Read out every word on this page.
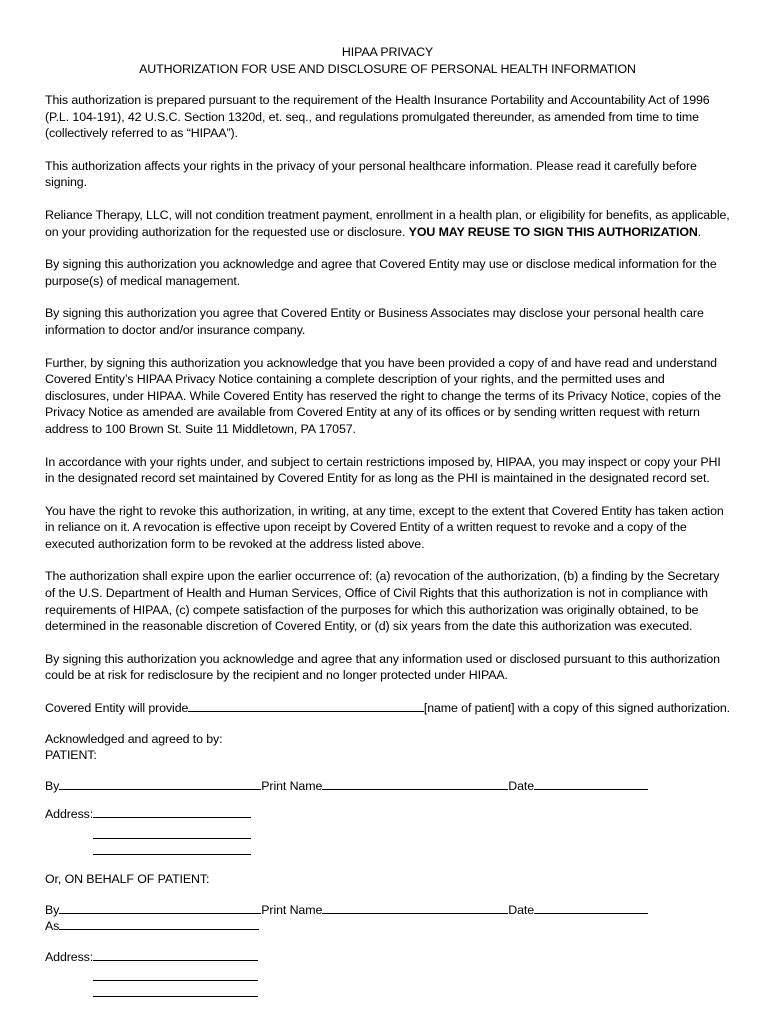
HIPAA PRIVACY
AUTHORIZATION FOR USE AND DISCLOSURE OF PERSONAL HEALTH INFORMATION

This authorization is prepared pursuant to the requirement of the Health Insurance Portability and Accountability Act of 1996 (P.L. 104-191), 42 U.S.C. Section 1320d, et. seq., and regulations promulgated thereunder, as amended from time to time (collectively referred to as “HIPAA”).

This authorization affects your rights in the privacy of your personal healthcare information. Please read it carefully before signing.

Reliance Therapy, LLC, will not condition treatment payment, enrollment in a health plan, or eligibility for benefits, as applicable, on your providing authorization for the requested use or disclosure. YOU MAY REUSE TO SIGN THIS AUTHORIZATION.

By signing this authorization you acknowledge and agree that Covered Entity may use or disclose medical information for the purpose(s) of medical management.

By signing this authorization you agree that Covered Entity or Business Associates may disclose your personal health care information to doctor and/or insurance company.

Further, by signing this authorization you acknowledge that you have been provided a copy of and have read and understand Covered Entity’s HIPAA Privacy Notice containing a complete description of your rights, and the permitted uses and disclosures, under HIPAA. While Covered Entity has reserved the right to change the terms of its Privacy Notice, copies of the Privacy Notice as amended are available from Covered Entity at any of its offices or by sending written request with return address to 100 Brown St. Suite 11 Middletown, PA 17057.

In accordance with your rights under, and subject to certain restrictions imposed by, HIPAA, you may inspect or copy your PHI in the designated record set maintained by Covered Entity for as long as the PHI is maintained in the designated record set.

You have the right to revoke this authorization, in writing, at any time, except to the extent that Covered Entity has taken action in reliance on it. A revocation is effective upon receipt by Covered Entity of a written request to revoke and a copy of the executed authorization form to be revoked at the address listed above.

The authorization shall expire upon the earlier occurrence of: (a) revocation of the authorization, (b) a finding by the Secretary of the U.S. Department of Health and Human Services, Office of Civil Rights that this authorization is not in compliance with requirements of HIPAA, (c) compete satisfaction of the purposes for which this authorization was originally obtained, to be determined in the reasonable discretion of Covered Entity, or (d) six years from the date this authorization was executed.

By signing this authorization you acknowledge and agree that any information used or disclosed pursuant to this authorization could be at risk for redisclosure by the recipient and no longer protected under HIPAA.

Covered Entity will provide	[name of patient] with a copy of this signed authorization.
Acknowledged and agreed to by:
PATIENT:
By	Print Name	Date
Address:
Or, ON BEHALF OF PATIENT:
By	Print Name	Date
As
Address:
